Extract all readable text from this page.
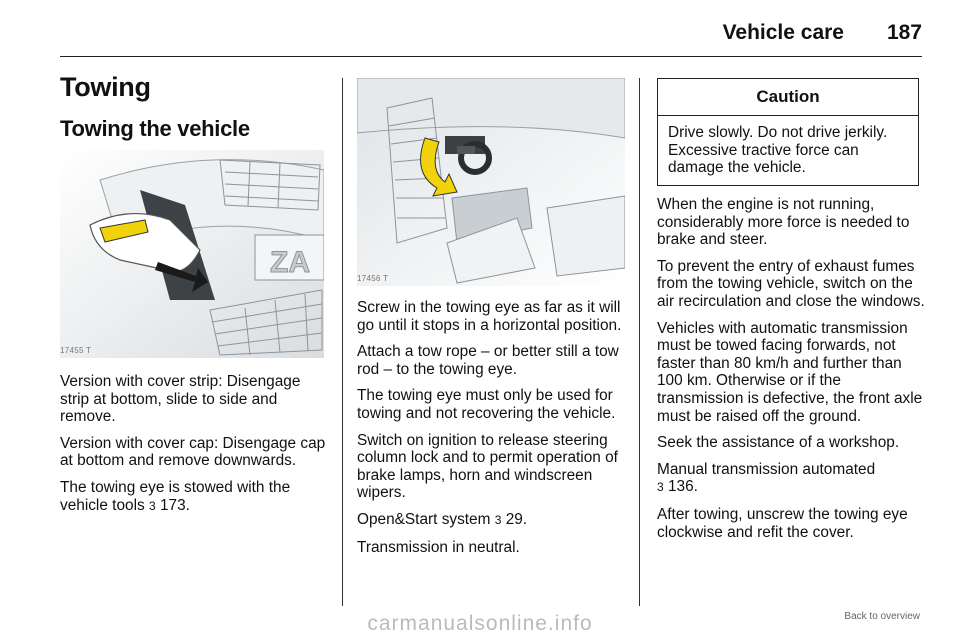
Vehicle care 187
Towing
Towing the vehicle
ZA
17455 T

Version with cover strip: Disengage strip at bottom, slide to side and remove.

Version with cover cap: Disengage cap at bottom and remove downwards.

The towing eye is stowed with the vehicle tools 3 173.

17456 T

Screw in the towing eye as far as it will go until it stops in a horizontal position.

Attach a tow rope – or better still a tow rod – to the towing eye.

The towing eye must only be used for towing and not recovering the vehicle.

Switch on ignition to release steering column lock and to permit operation of brake lamps, horn and windscreen wipers.

Open&Start system 3 29.

Transmission in neutral.

Caution
Drive slowly. Do not drive jerkily. Excessive tractive force can damage the vehicle.

When the engine is not running, considerably more force is needed to brake and steer.

To prevent the entry of exhaust fumes from the towing vehicle, switch on the air recirculation and close the windows.

Vehicles with automatic transmission must be towed facing forwards, not faster than 80 km/h and further than 100 km. Otherwise or if the transmission is defective, the front axle must be raised off the ground.

Seek the assistance of a workshop.

Manual transmission automated
3 136.

After towing, unscrew the towing eye clockwise and refit the cover.

Back to overview
carmanualsonline.info
